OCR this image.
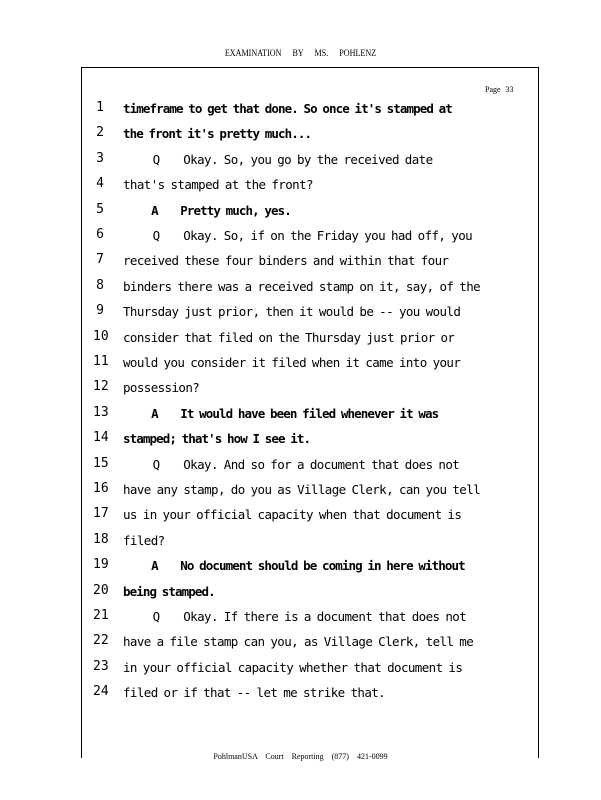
EXAMINATION BY MS. POHLENZ
Page 33
1 timeframe to get that done. So once it's stamped at
2 the front it's pretty much...
3 Q    Okay. So, you go by the received date
4 that's stamped at the front?
5 A    Pretty much, yes.
6 Q    Okay. So, if on the Friday you had off, you
7 received these four binders and within that four
8 binders there was a received stamp on it, say, of the
9 Thursday just prior, then it would be -- you would
10 consider that filed on the Thursday just prior or
11 would you consider it filed when it came into your
12 possession?
13 A    It would have been filed whenever it was
14 stamped; that's how I see it.
15 Q    Okay. And so for a document that does not
16 have any stamp, do you as Village Clerk, can you tell
17 us in your official capacity when that document is
18 filed?
19 A    No document should be coming in here without
20 being stamped.
21 Q    Okay. If there is a document that does not
22 have a file stamp can you, as Village Clerk, tell me
23 in your official capacity whether that document is
24 filed or if that -- let me strike that.
PohlmanUSA Court Reporting (877) 421-0099
